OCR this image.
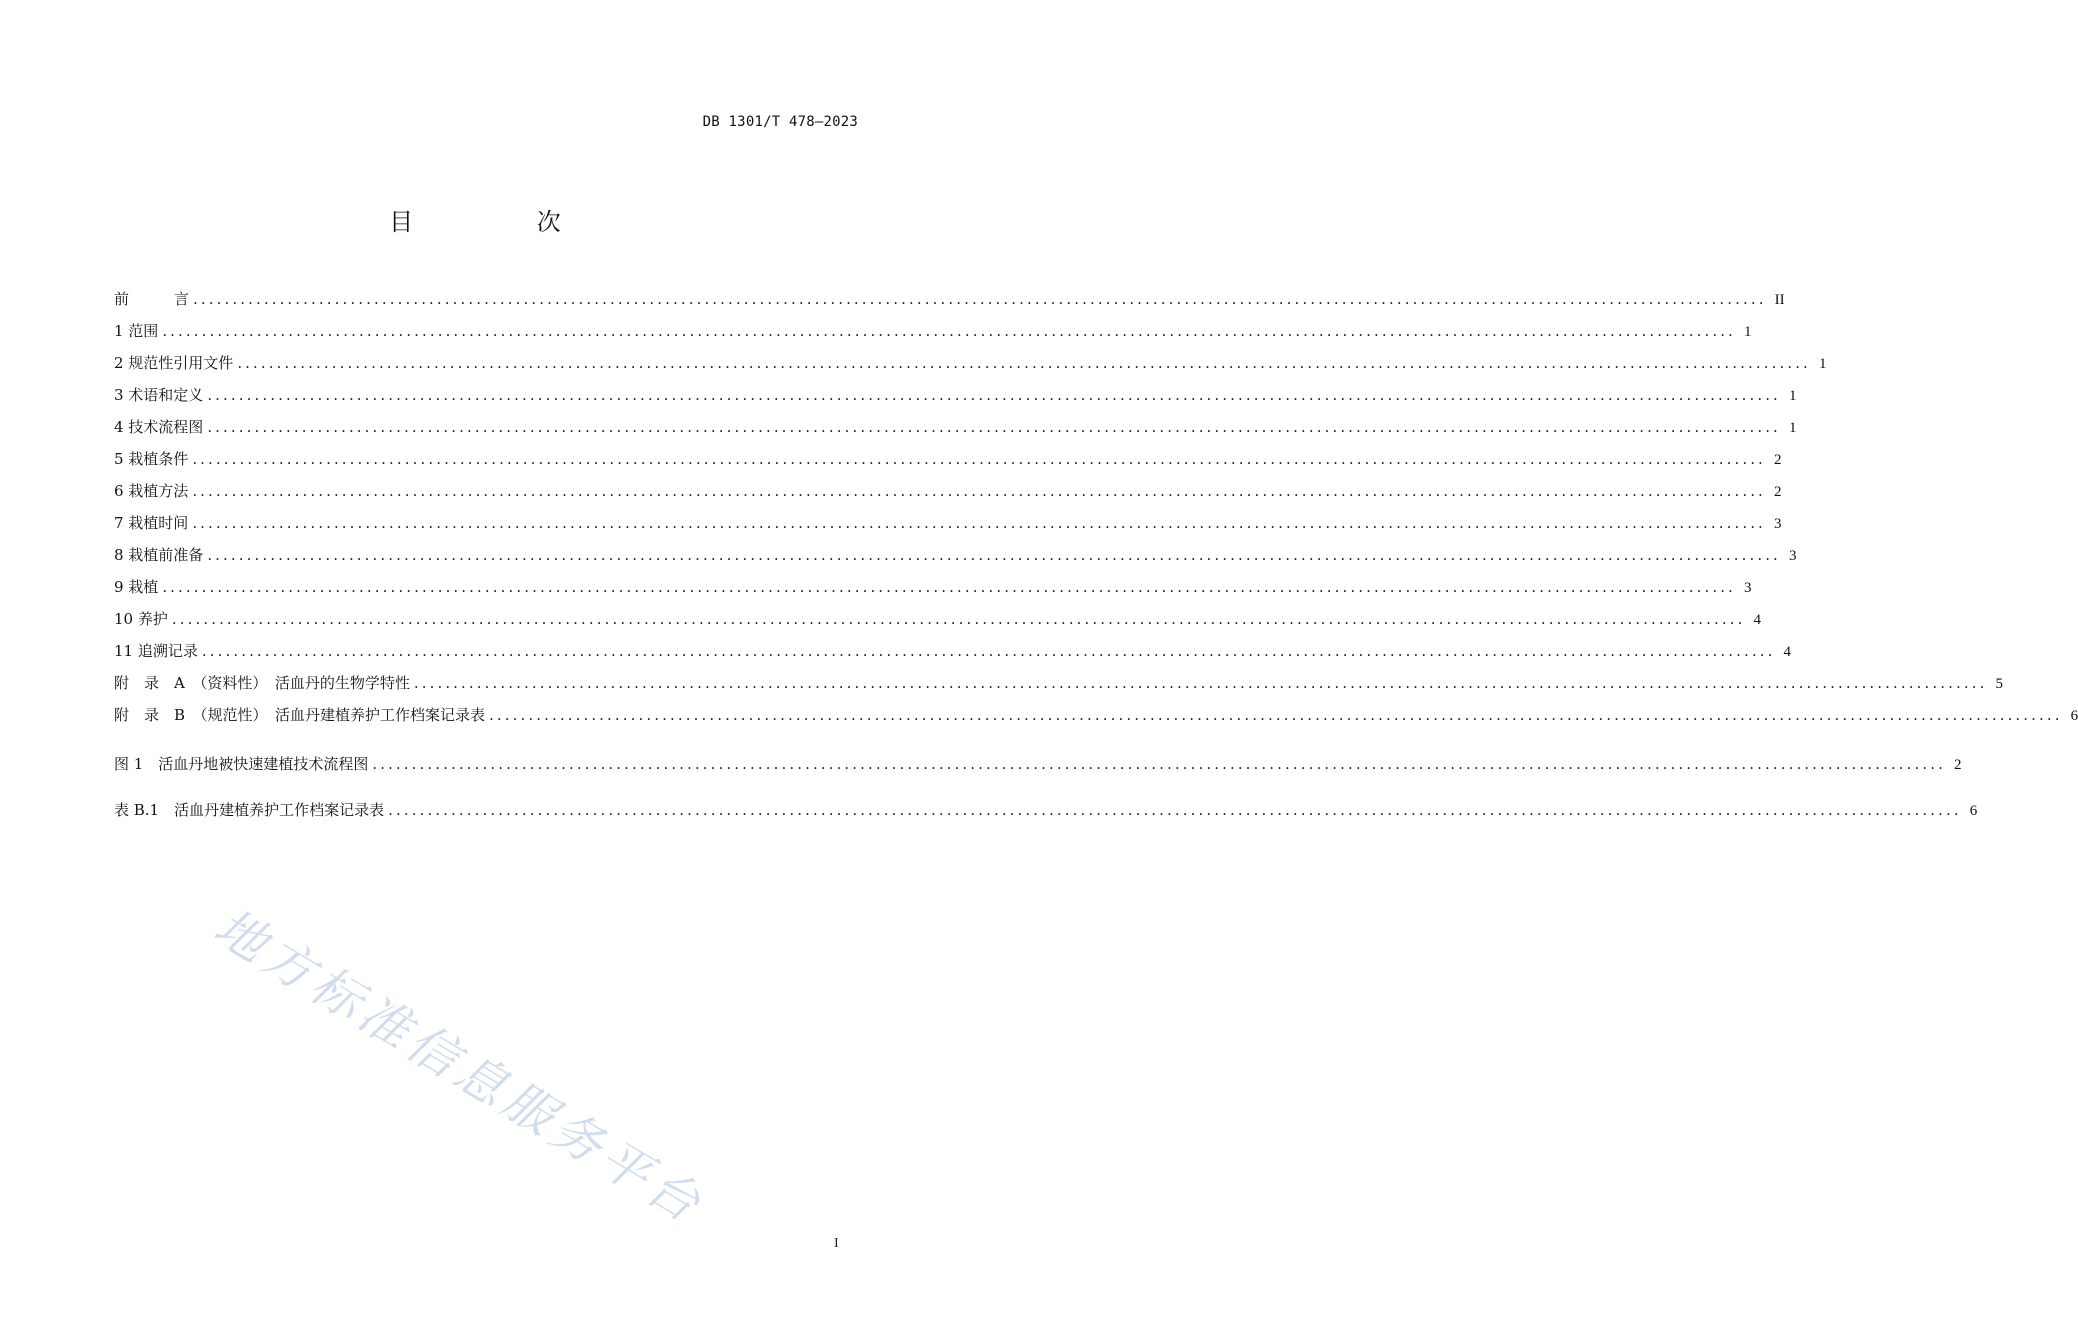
DB 1301/T 478—2023
目 次
前　　　言 ........................................................................................................................................................................................................ II
1 范围 ........................................................................................................................................................................................................ 1
2 规范性引用文件 ........................................................................................................................................................................................................ 1
3 术语和定义 ........................................................................................................................................................................................................ 1
4 技术流程图 ........................................................................................................................................................................................................ 1
5 栽植条件 ........................................................................................................................................................................................................ 2
6 栽植方法 ........................................................................................................................................................................................................ 2
7 栽植时间 ........................................................................................................................................................................................................ 3
8 栽植前准备 ........................................................................................................................................................................................................ 3
9 栽植 ........................................................................................................................................................................................................ 3
10 养护 ........................................................................................................................................................................................................ 4
11 追溯记录 ........................................................................................................................................................................................................ 4
附　录　A　（资料性）　活血丹的生物学特性 ........................................................................................................................................................................................................ 5
附　录　B　（规范性）　活血丹建植养护工作档案记录表 ........................................................................................................................................................................................................ 6
图 1　活血丹地被快速建植技术流程图 ........................................................................................................................................................................................................ 2
表 B.1　活血丹建植养护工作档案记录表 ........................................................................................................................................................................................................ 6
地方标准信息服务平台
I
